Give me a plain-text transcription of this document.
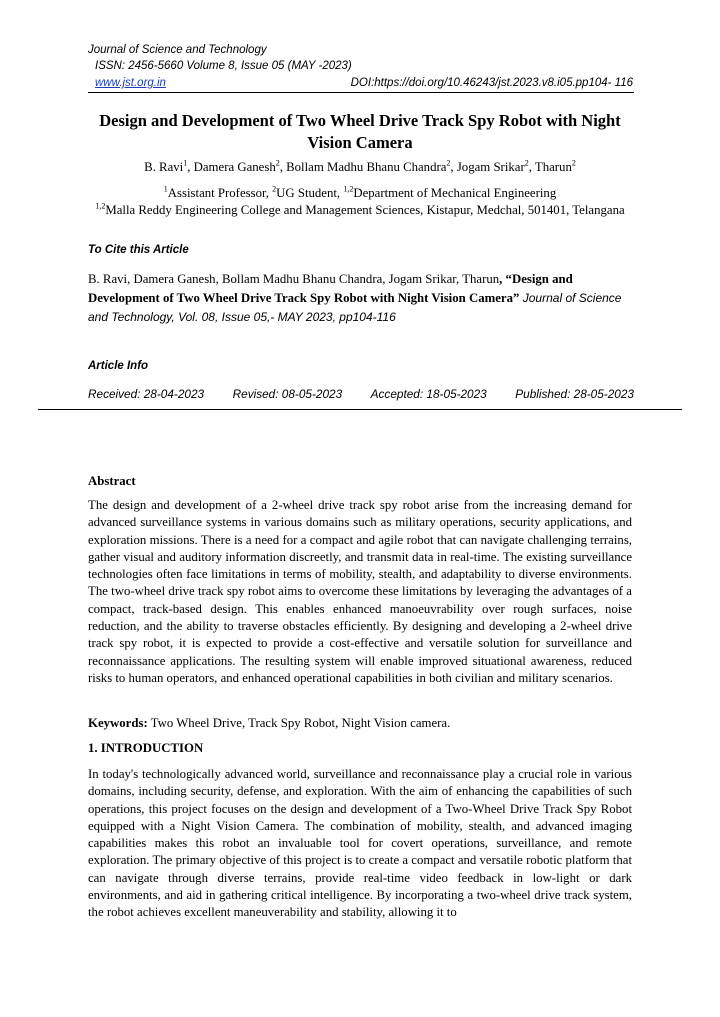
Journal of Science and Technology
ISSN: 2456-5660 Volume 8, Issue 05 (MAY -2023)
www.jst.org.in	DOI:https://doi.org/10.46243/jst.2023.v8.i05.pp104- 116
Design and Development of Two Wheel Drive Track Spy Robot with Night Vision Camera
B. Ravi$^1$, Damera Ganesh$^2$, Bollam Madhu Bhanu Chandra$^2$, Jogam Srikar$^2$, Tharun$^2$
$^1$Assistant Professor, $^2$UG Student, $^{1,2}$Department of Mechanical Engineering
$^{1,2}$Malla Reddy Engineering College and Management Sciences, Kistapur, Medchal, 501401, Telangana
To Cite this Article
B. Ravi, Damera Ganesh, Bollam Madhu Bhanu Chandra, Jogam Srikar, Tharun, “Design and Development of Two Wheel Drive Track Spy Robot with Night Vision Camera” Journal of Science and Technology, Vol. 08, Issue 05,- MAY 2023, pp104-116
Article Info
Received: 28-04-2023 Revised: 08-05-2023 Accepted: 18-05-2023 Published: 28-05-2023
Abstract
The design and development of a 2-wheel drive track spy robot arise from the increasing demand for advanced surveillance systems in various domains such as military operations, security applications, and exploration missions. There is a need for a compact and agile robot that can navigate challenging terrains, gather visual and auditory information discreetly, and transmit data in real-time. The existing surveillance technologies often face limitations in terms of mobility, stealth, and adaptability to diverse environments. The two-wheel drive track spy robot aims to overcome these limitations by leveraging the advantages of a compact, track-based design. This enables enhanced manoeuvrability over rough surfaces, noise reduction, and the ability to traverse obstacles efficiently. By designing and developing a 2-wheel drive track spy robot, it is expected to provide a cost-effective and versatile solution for surveillance and reconnaissance applications. The resulting system will enable improved situational awareness, reduced risks to human operators, and enhanced operational capabilities in both civilian and military scenarios.
Keywords: Two Wheel Drive, Track Spy Robot, Night Vision camera.
1. INTRODUCTION
In today's technologically advanced world, surveillance and reconnaissance play a crucial role in various domains, including security, defense, and exploration. With the aim of enhancing the capabilities of such operations, this project focuses on the design and development of a Two-Wheel Drive Track Spy Robot equipped with a Night Vision Camera. The combination of mobility, stealth, and advanced imaging capabilities makes this robot an invaluable tool for covert operations, surveillance, and remote exploration. The primary objective of this project is to create a compact and versatile robotic platform that can navigate through diverse terrains, provide real-time video feedback in low-light or dark environments, and aid in gathering critical intelligence. By incorporating a two-wheel drive track system, the robot achieves excellent maneuverability and stability, allowing it to
